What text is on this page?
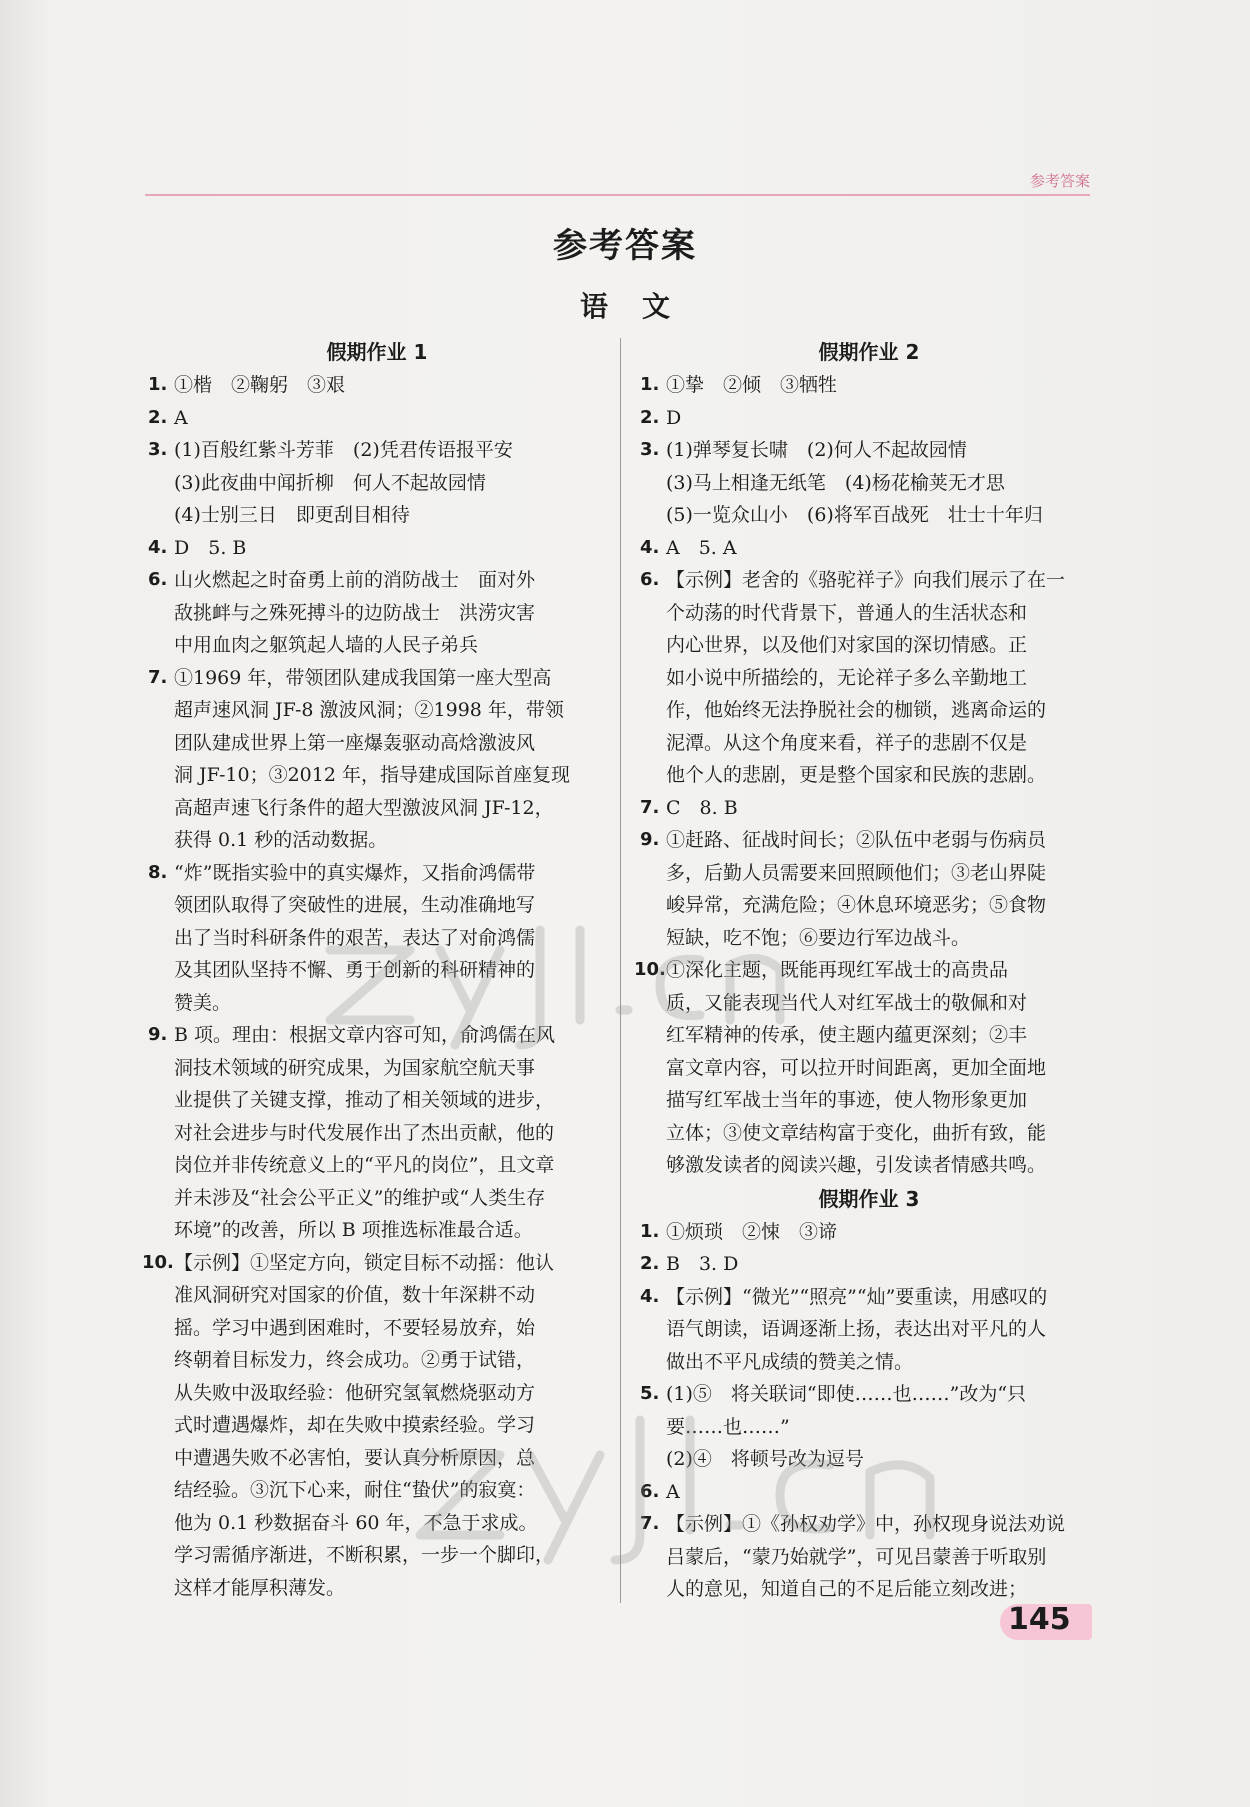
参考答案
参考答案
语文
假期作业 1
1. ①楷　②鞠躬　③艰
2. A
3. (1)百般红紫斗芳菲　(2)凭君传语报平安
(3)此夜曲中闻折柳　何人不起故园情
(4)士别三日　即更刮目相待
4. D　5. B
6. 山火燃起之时奋勇上前的消防战士　面对外
敌挑衅与之殊死搏斗的边防战士　洪涝灾害
中用血肉之躯筑起人墙的人民子弟兵
7. ①1969 年，带领团队建成我国第一座大型高
超声速风洞 JF-8 激波风洞；②1998 年，带领
团队建成世界上第一座爆轰驱动高焓激波风
洞 JF-10；③2012 年，指导建成国际首座复现
高超声速飞行条件的超大型激波风洞 JF-12，
获得 0.1 秒的活动数据。
8. “炸”既指实验中的真实爆炸，又指俞鸿儒带
领团队取得了突破性的进展，生动准确地写
出了当时科研条件的艰苦，表达了对俞鸿儒
及其团队坚持不懈、勇于创新的科研精神的
赞美。
9. B 项。理由：根据文章内容可知，俞鸿儒在风
洞技术领域的研究成果，为国家航空航天事
业提供了关键支撑，推动了相关领域的进步，
对社会进步与时代发展作出了杰出贡献，他的
岗位并非传统意义上的“平凡的岗位”，且文章
并未涉及“社会公平正义”的维护或“人类生存
环境”的改善，所以 B 项推选标准最合适。
10. 【示例】①坚定方向，锁定目标不动摇：他认
准风洞研究对国家的价值，数十年深耕不动
摇。学习中遇到困难时，不要轻易放弃，始
终朝着目标发力，终会成功。②勇于试错，
从失败中汲取经验：他研究氢氧燃烧驱动方
式时遭遇爆炸，却在失败中摸索经验。学习
中遭遇失败不必害怕，要认真分析原因，总
结经验。③沉下心来，耐住“蛰伏”的寂寞：
他为 0.1 秒数据奋斗 60 年，不急于求成。
学习需循序渐进，不断积累，一步一个脚印，
这样才能厚积薄发。
假期作业 2
1. ①挚　②倾　③牺牲
2. D
3. (1)弹琴复长啸　(2)何人不起故园情
(3)马上相逢无纸笔　(4)杨花榆荚无才思
(5)一览众山小　(6)将军百战死　壮士十年归
4. A　5. A
6. 【示例】老舍的《骆驼祥子》向我们展示了在一
个动荡的时代背景下，普通人的生活状态和
内心世界，以及他们对家国的深切情感。正
如小说中所描绘的，无论祥子多么辛勤地工
作，他始终无法挣脱社会的枷锁，逃离命运的
泥潭。从这个角度来看，祥子的悲剧不仅是
他个人的悲剧，更是整个国家和民族的悲剧。
7. C　8. B
9. ①赶路、征战时间长；②队伍中老弱与伤病员
多，后勤人员需要来回照顾他们；③老山界陡
峻异常，充满危险；④休息环境恶劣；⑤食物
短缺，吃不饱；⑥要边行军边战斗。
10. ①深化主题，既能再现红军战士的高贵品
质，又能表现当代人对红军战士的敬佩和对
红军精神的传承，使主题内蕴更深刻；②丰
富文章内容，可以拉开时间距离，更加全面地
描写红军战士当年的事迹，使人物形象更加
立体；③使文章结构富于变化，曲折有致，能
够激发读者的阅读兴趣，引发读者情感共鸣。
假期作业 3
1. ①烦琐　②悚　③谛
2. B　3. D
4. 【示例】“微光”“照亮”“灿”要重读，用感叹的
语气朗读，语调逐渐上扬，表达出对平凡的人
做出不平凡成绩的赞美之情。
5. (1)⑤　将关联词“即使……也……”改为“只
要……也……”
(2)④　将顿号改为逗号
6. A
7. 【示例】①《孙权劝学》中，孙权现身说法劝说
吕蒙后，“蒙乃始就学”，可见吕蒙善于听取别
人的意见，知道自己的不足后能立刻改进；
145
